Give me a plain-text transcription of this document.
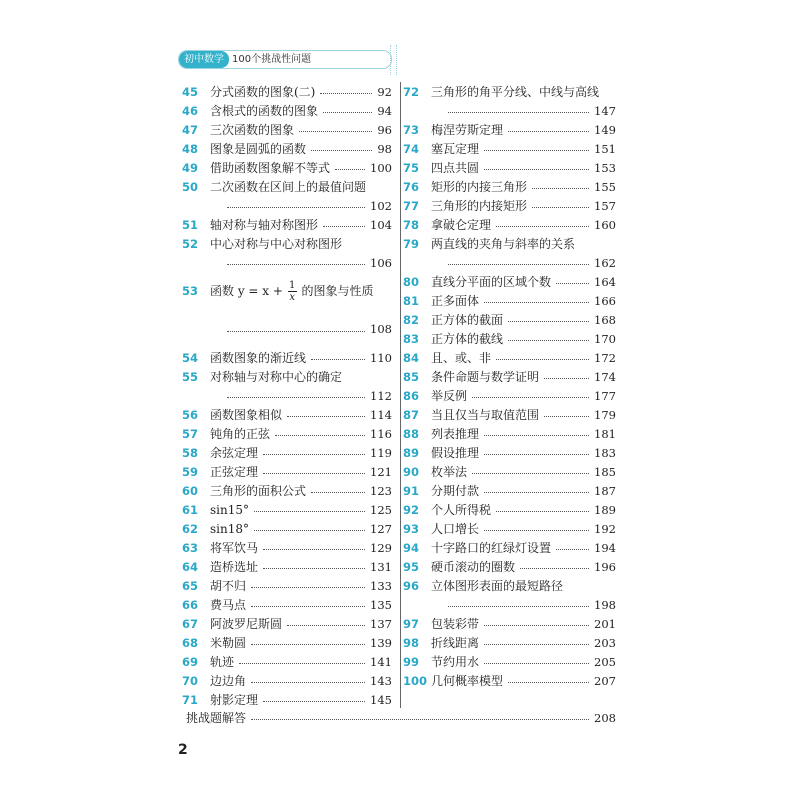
初中数学 100个挑战性问题
45 分式函数的图象(二)	92
46 含根式的函数的图象	94
47 三次函数的图象	96
48 图象是圆弧的函数	98
49 借助函数图象解不等式	100
50 二次函数在区间上的最值问题
102
51 轴对称与轴对称图形	104
52 中心对称与中心对称图形
106
53 函数 $y = x + \frac{1}{x}$ 的图象与性质
108
54 函数图象的渐近线	110
55 对称轴与对称中心的确定
112
56 函数图象相似	114
57 钝角的正弦	116
58 余弦定理	119
59 正弦定理	121
60 三角形的面积公式	123
61 sin15°	125
62 sin18°	127
63 将军饮马	129
64 造桥选址	131
65 胡不归	133
66 费马点	135
67 阿波罗尼斯圆	137
68 米勒圆	139
69 轨迹	141
70 边边角	143
71 射影定理	145
72 三角形的角平分线、中线与高线
147
73 梅涅劳斯定理	149
74 塞瓦定理	151
75 四点共圆	153
76 矩形的内接三角形	155
77 三角形的内接矩形	157
78 拿破仑定理	160
79 两直线的夹角与斜率的关系
162
80 直线分平面的区域个数	164
81 正多面体	166
82 正方体的截面	168
83 正方体的截线	170
84 且、或、非	172
85 条件命题与数学证明	174
86 举反例	177
87 当且仅当与取值范围	179
88 列表推理	181
89 假设推理	183
90 枚举法	185
91 分期付款	187
92 个人所得税	189
93 人口增长	192
94 十字路口的红绿灯设置	194
95 硬币滚动的圈数	196
96 立体图形表面的最短路径
198
97 包装彩带	201
98 折线距离	203
99 节约用水	205
100 几何概率模型	207
挑战题解答	208
2
